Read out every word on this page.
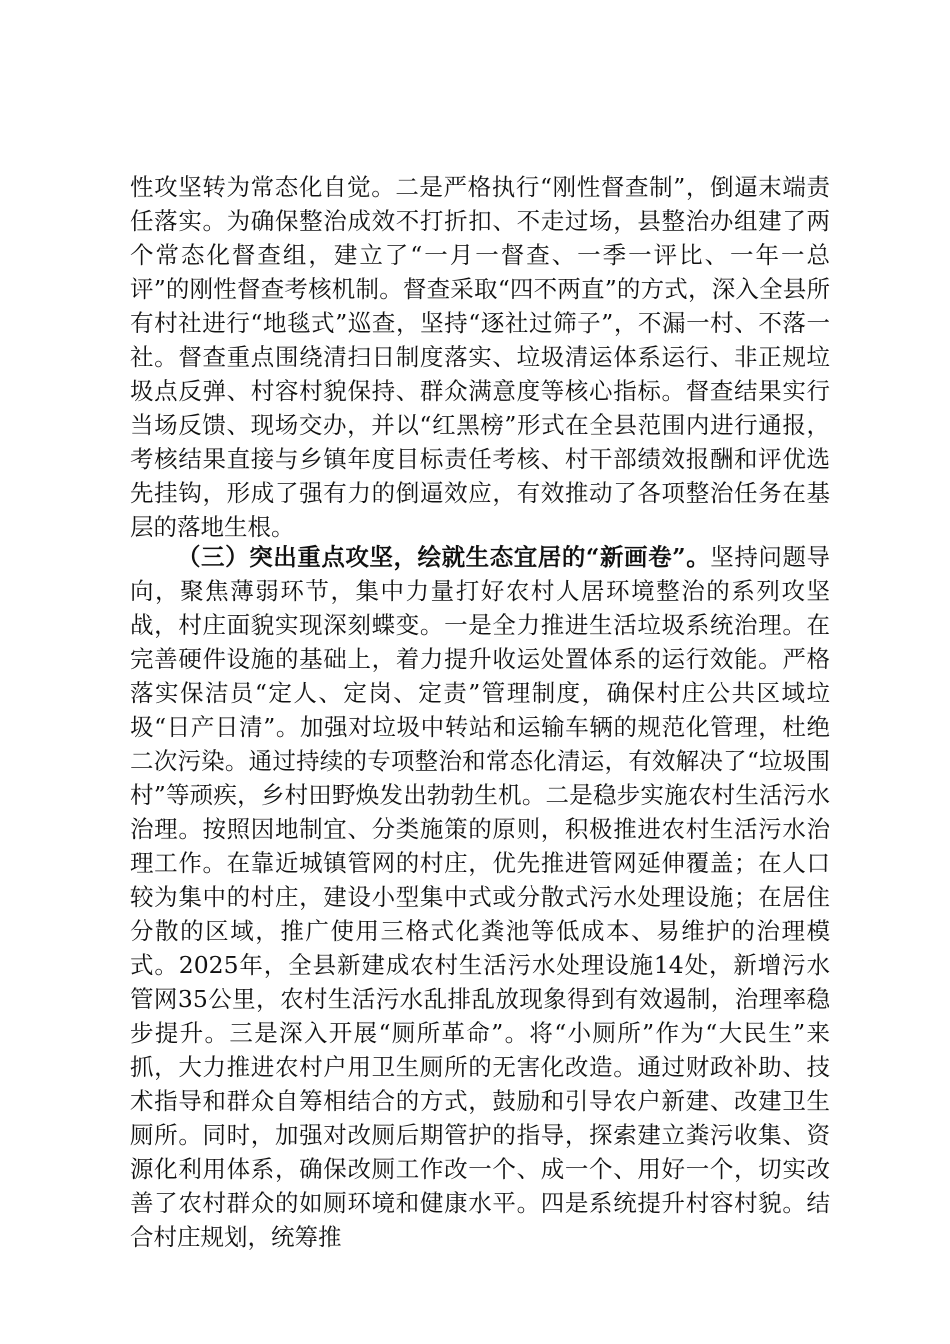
性攻坚转为常态化自觉。二是严格执行“刚性督查制”，倒逼末端责任落实。为确保整治成效不打折扣、不走过场，县整治办组建了两个常态化督查组，建立了“一月一督查、一季一评比、一年一总评”的刚性督查考核机制。督查采取“四不两直”的方式，深入全县所有村社进行“地毯式”巡查，坚持“逐社过筛子”，不漏一村、不落一社。督查重点围绕清扫日制度落实、垃圾清运体系运行、非正规垃圾点反弹、村容村貌保持、群众满意度等核心指标。督查结果实行当场反馈、现场交办，并以“红黑榜”形式在全县范围内进行通报，考核结果直接与乡镇年度目标责任考核、村干部绩效报酬和评优选先挂钩，形成了强有力的倒逼效应，有效推动了各项整治任务在基层的落地生根。

（三）突出重点攻坚，绘就生态宜居的“新画卷”。坚持问题导向，聚焦薄弱环节，集中力量打好农村人居环境整治的系列攻坚战，村庄面貌实现深刻蝶变。一是全力推进生活垃圾系统治理。在完善硬件设施的基础上，着力提升收运处置体系的运行效能。严格落实保洁员“定人、定岗、定责”管理制度，确保村庄公共区域垃圾“日产日清”。加强对垃圾中转站和运输车辆的规范化管理，杜绝二次污染。通过持续的专项整治和常态化清运，有效解决了“垃圾围村”等顽疾，乡村田野焕发出勃勃生机。二是稳步实施农村生活污水治理。按照因地制宜、分类施策的原则，积极推进农村生活污水治理工作。在靠近城镇管网的村庄，优先推进管网延伸覆盖；在人口较为集中的村庄，建设小型集中式或分散式污水处理设施；在居住分散的区域，推广使用三格式化粪池等低成本、易维护的治理模式。2025年，全县新建成农村生活污水处理设施14处，新增污水管网35公里，农村生活污水乱排乱放现象得到有效遏制，治理率稳步提升。三是深入开展“厕所革命”。将“小厕所”作为“大民生”来抓，大力推进农村户用卫生厕所的无害化改造。通过财政补助、技术指导和群众自筹相结合的方式，鼓励和引导农户新建、改建卫生厕所。同时，加强对改厕后期管护的指导，探索建立粪污收集、资源化利用体系，确保改厕工作改一个、成一个、用好一个，切实改善了农村群众的如厕环境和健康水平。四是系统提升村容村貌。结合村庄规划，统筹推
